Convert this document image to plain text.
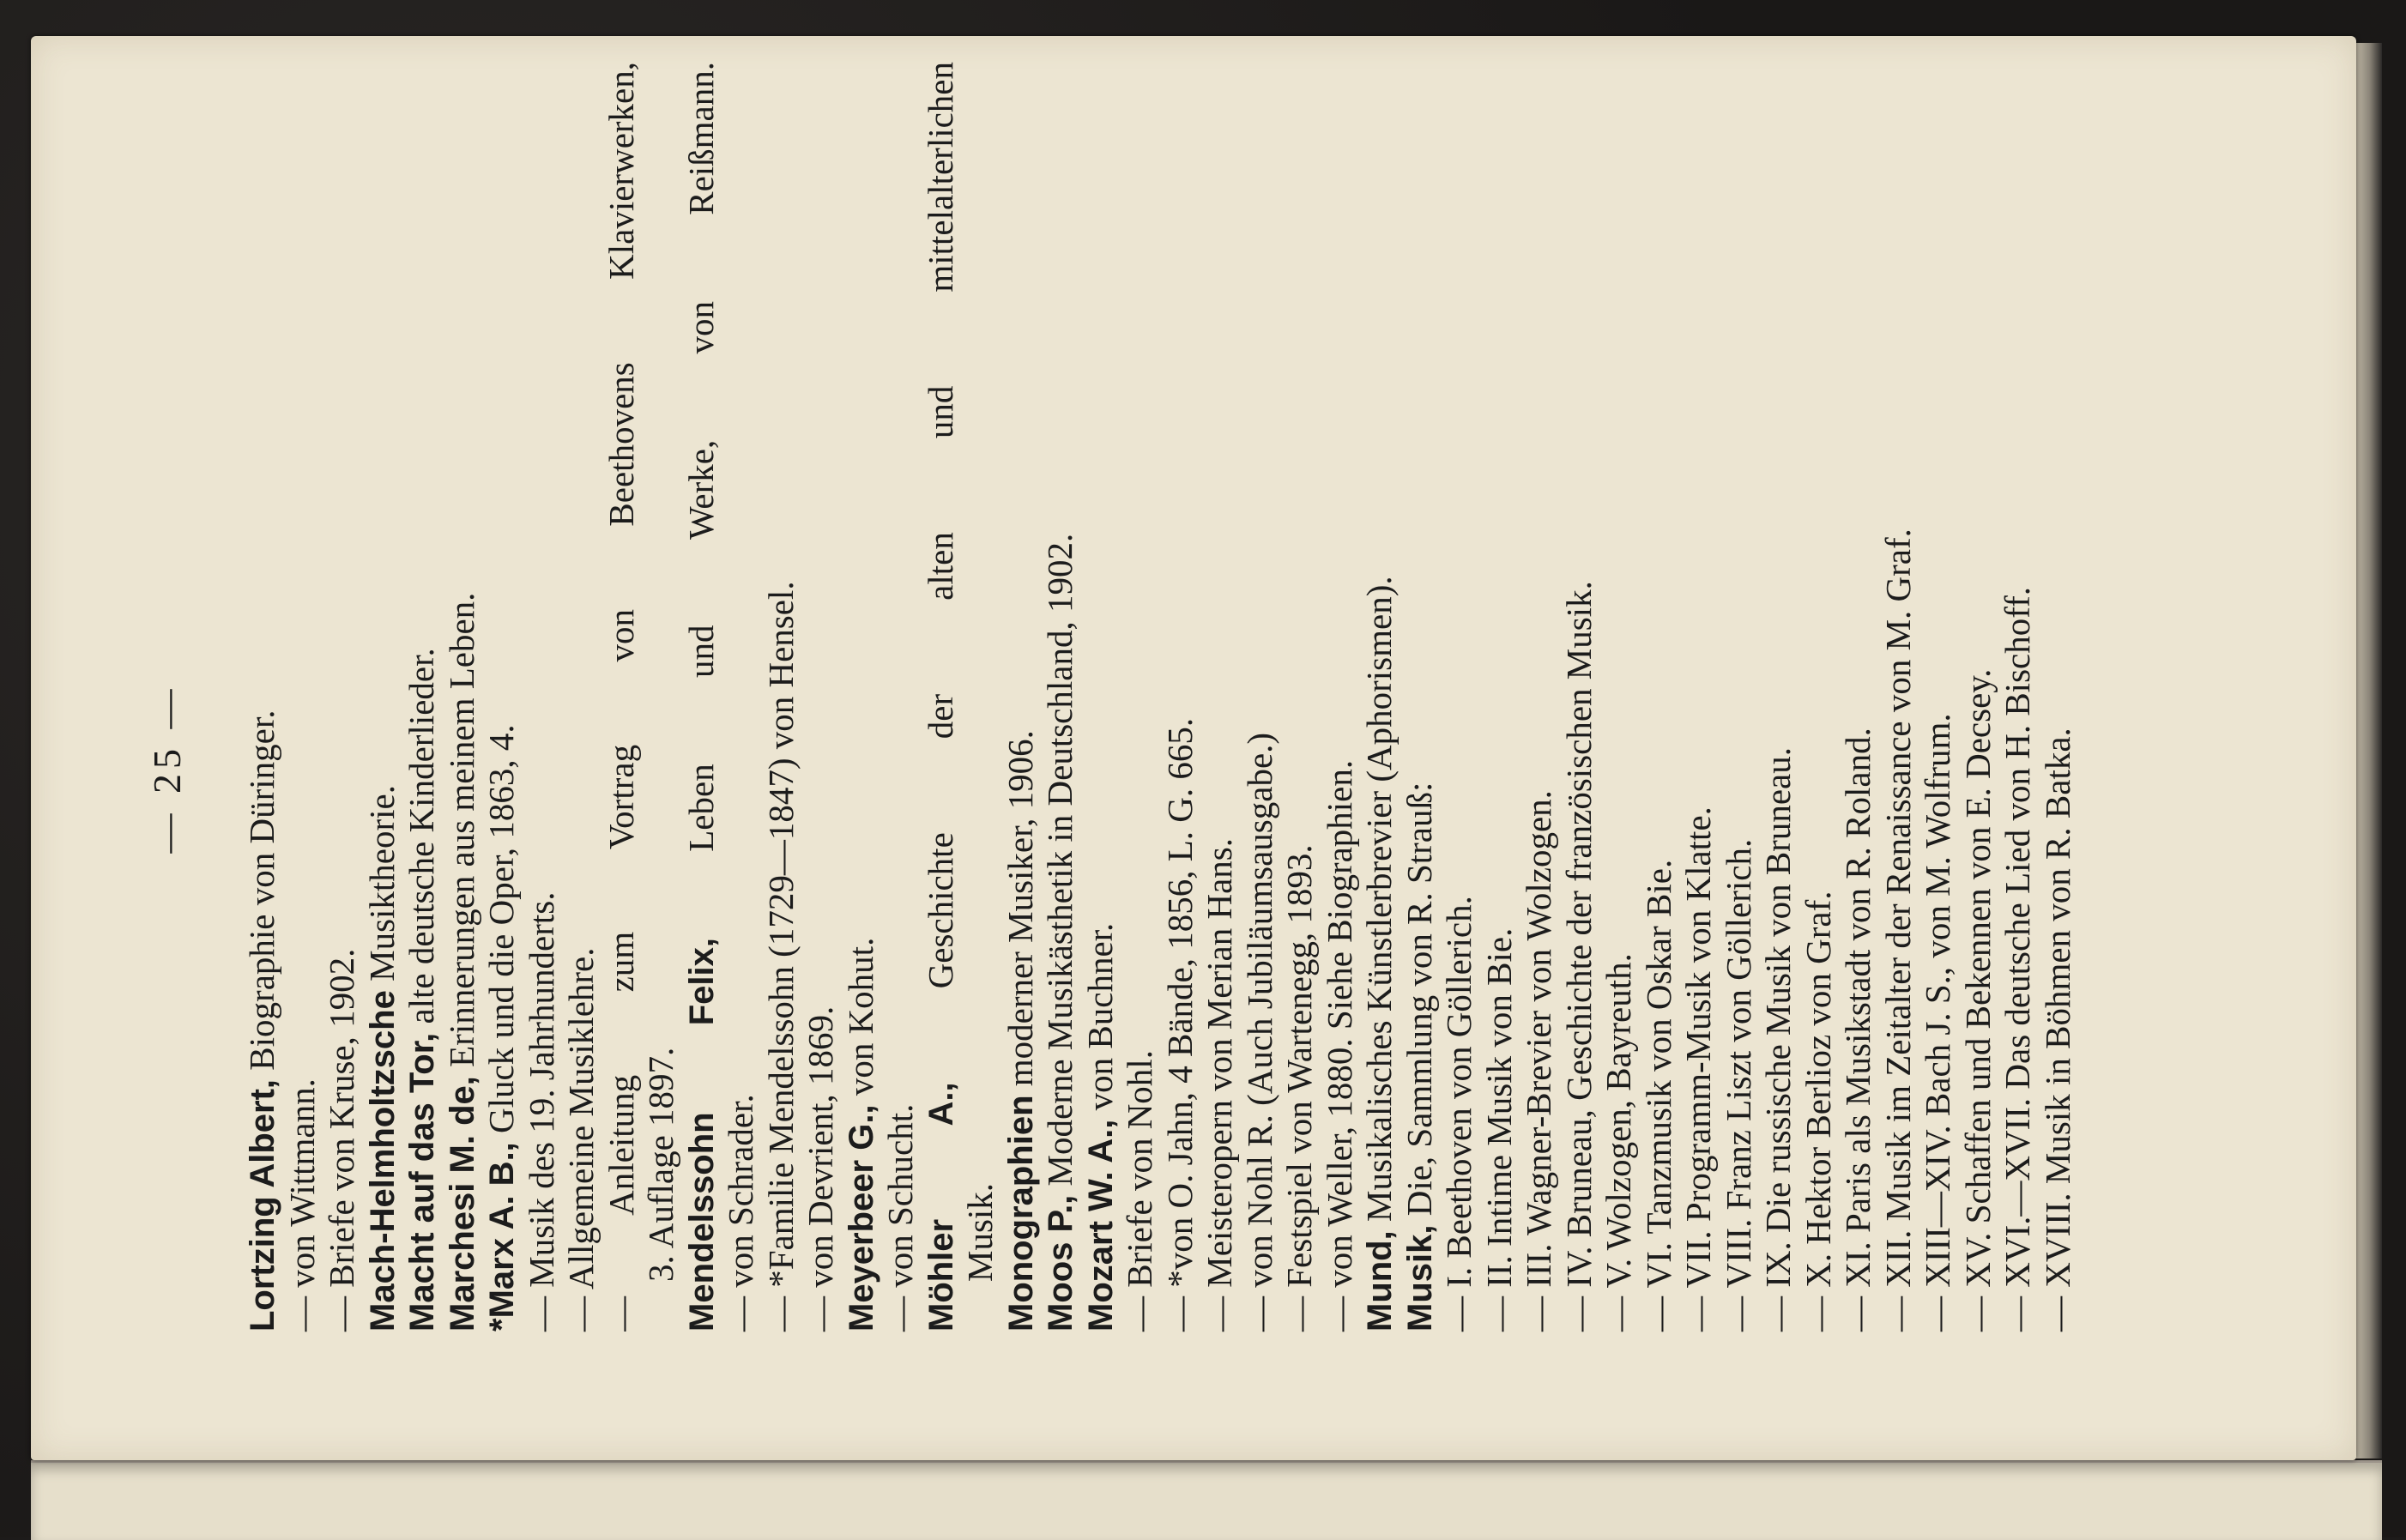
— 25 —
Lortzing Albert, Biographie von Düringer.
— von Wittmann. — Briefe von Kruse, 1902. Mach-Helmholtzsche Musiktheorie.
Macht auf das Tor, alte deutsche Kinderlieder.
Marchesi M. de, Erinnerungen aus meinem Leben.
*Marx A. B., Gluck und die Oper, 1863, 4. — Musik des 19. Jahrhunderts. — Allgemeine Musiklehre. — Anleitung zum Vortrag von Beethovens Klavierwerken, 3. Auflage 1897. Mendelssohn Felix, Leben und Werke, von Reißmann.
— von Schrader. — *Familie Mendelssohn (1729—1847) von Hensel. — von Devrient, 1869. Meyerbeer G., von Kohut.
— von Schucht. Möhler A., Geschichte der alten und mittelalterlichen
Musik. Monographien moderner Musiker, 1906.
Moos P., Moderne Musikästhetik in Deutschland, 1902.
Mozart W. A., von Buchner.
— Briefe von Nohl. — *von O. Jahn, 4 Bände, 1856, L. G. 665. — Meisteropern von Merian Hans. — von Nohl R. (Auch Jubiläumsausgabe.) — Festspiel von Wartenegg, 1893. — von Weller, 1880. Siehe Biographien. Mund, Musikalisches Künstlerbrevier (Aphorismen).
Musik, Die, Sammlung von R. Strauß: — I. Beethoven von Göllerich. — II. Intime Musik von Bie. — III. Wagner-Brevier von Wolzogen. — IV. Bruneau, Geschichte der französischen Musik. — V. Wolzogen, Bayreuth. — VI. Tanzmusik von Oskar Bie. — VII. Programm-Musik von Klatte. — VIII. Franz Liszt von Göllerich. — IX. Die russische Musik von Bruneau. — X. Hektor Berlioz von Graf. — XI. Paris als Musikstadt von R. Roland. — XII. Musik im Zeitalter der Renaissance von M. Graf. — XIII—XIV. Bach J. S., von M. Wolfrum. — XV. Schaffen und Bekennen von E. Decsey. — XVI.—XVII. Das deutsche Lied von H. Bischoff. — XVIII. Musik in Böhmen von R. Batka.
